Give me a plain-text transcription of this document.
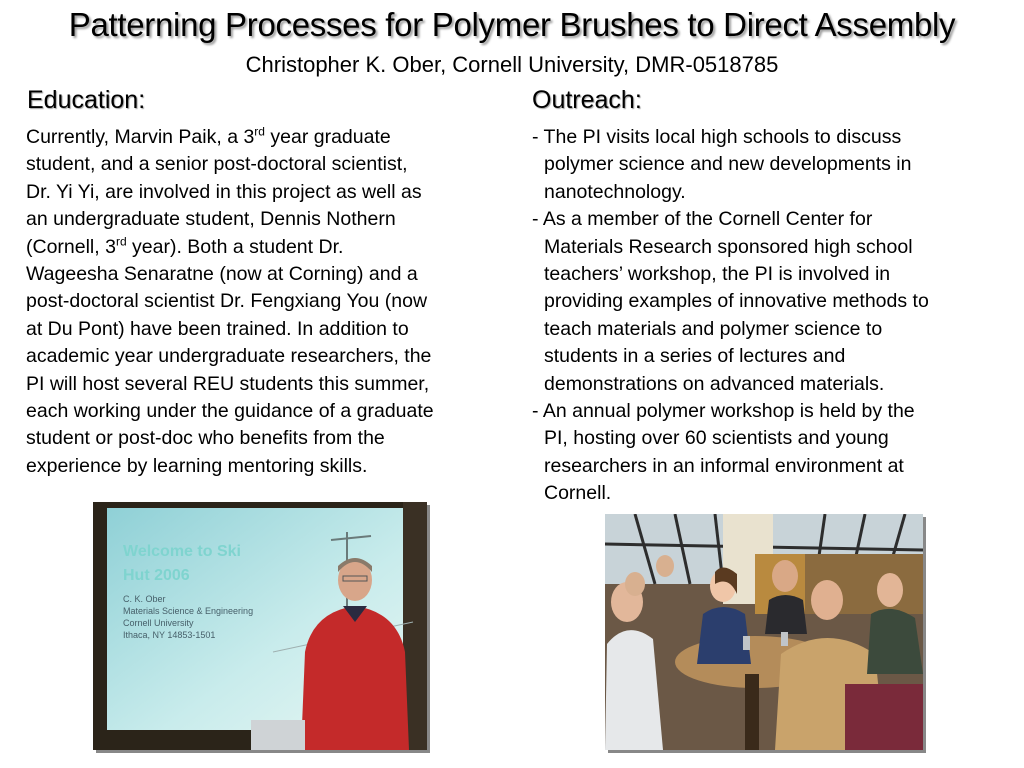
Patterning Processes for Polymer Brushes to Direct Assembly
Christopher K. Ober, Cornell University, DMR-0518785
Education:	Outreach:
Currently, Marvin Paik, a 3rd year graduate
student, and a senior post-doctoral scientist,
Dr. Yi Yi, are involved in this project as well as
an undergraduate student, Dennis Nothern
(Cornell, 3rd year). Both a student Dr.
Wageesha Senaratne (now at Corning) and a
post-doctoral scientist Dr. Fengxiang You (now
at Du Pont) have been trained. In addition to
academic year undergraduate researchers, the
PI will host several REU students this summer,
each working under the guidance of a graduate
student or post-doc who benefits from the
experience by learning mentoring skills.
- The PI visits local high schools to discuss
polymer science and new developments in
nanotechnology.
- As a member of the Cornell Center for
Materials Research sponsored high school
teachers’ workshop, the PI is involved in
providing examples of innovative methods to
teach materials and polymer science to
students in a series of lectures and
demonstrations on advanced materials.
- An annual polymer workshop is held by the
PI, hosting over 60 scientists and young
researchers in an informal environment at
Cornell.
Welcome to Ski
Hut 2006
C. K. Ober
Materials Science & Engineering
Cornell University
Ithaca, NY 14853-1501
